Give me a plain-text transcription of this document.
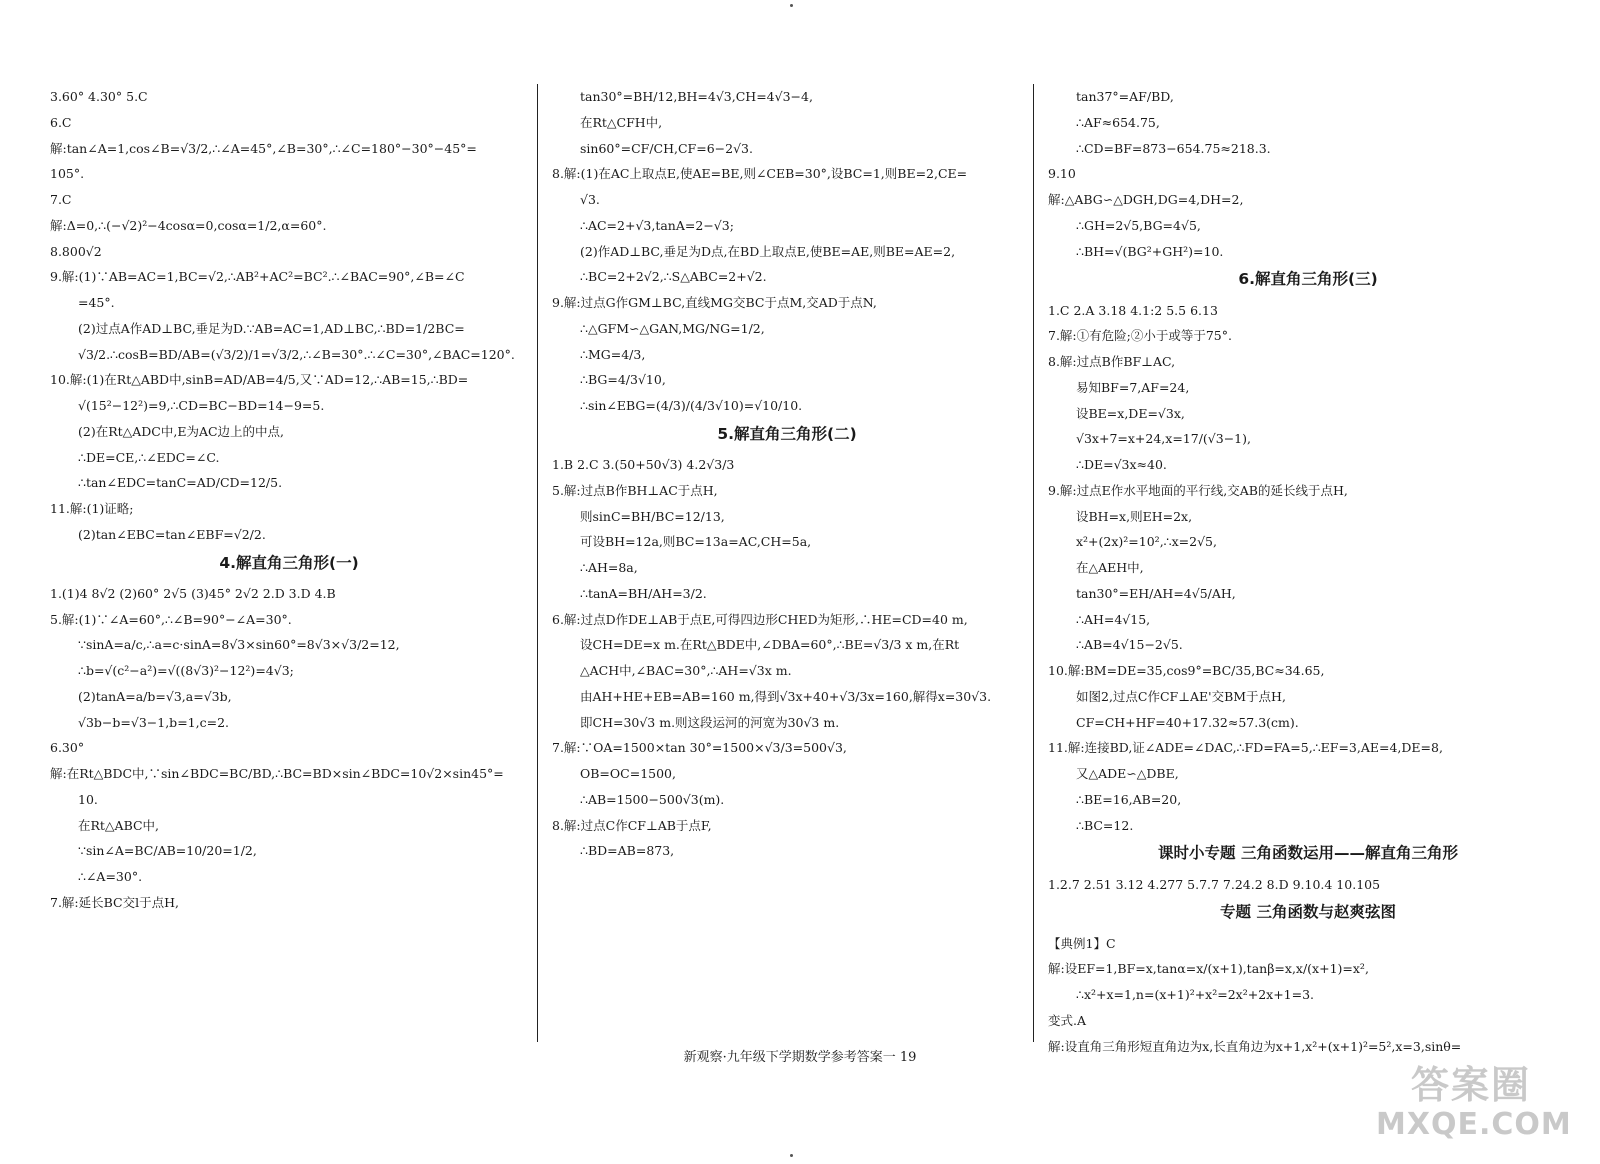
3.60° 4.30° 5.C
6.C
解:tan∠A=1,cos∠B=√3/2,∴∠A=45°,∠B=30°,∴∠C=180°−30°−45°=
105°.
7.C
解:Δ=0,∴(−√2)²−4cosα=0,cosα=1/2,α=60°.
8.800√2
9.解:(1)∵AB=AC=1,BC=√2,∴AB²+AC²=BC².∴∠BAC=90°,∠B=∠C
=45°.
(2)过点A作AD⊥BC,垂足为D.∵AB=AC=1,AD⊥BC,∴BD=1/2BC=
√3/2.∴cosB=BD/AB=(√3/2)/1=√3/2,∴∠B=30°.∴∠C=30°,∠BAC=120°.
10.解:(1)在Rt△ABD中,sinB=AD/AB=4/5,又∵AD=12,∴AB=15,∴BD=
√(15²−12²)=9,∴CD=BC−BD=14−9=5.
(2)在Rt△ADC中,E为AC边上的中点,
∴DE=CE,∴∠EDC=∠C.
∴tan∠EDC=tanC=AD/CD=12/5.
11.解:(1)证略;
(2)tan∠EBC=tan∠EBF=√2/2.
4.解直角三角形(一)
1.(1)4 8√2 (2)60° 2√5 (3)45° 2√2 2.D 3.D 4.B
5.解:(1)∵∠A=60°,∴∠B=90°−∠A=30°.
∵sinA=a/c,∴a=c·sinA=8√3×sin60°=8√3×√3/2=12,
∴b=√(c²−a²)=√((8√3)²−12²)=4√3;
(2)tanA=a/b=√3,a=√3b,
√3b−b=√3−1,b=1,c=2.
6.30°
解:在Rt△BDC中,∵sin∠BDC=BC/BD,∴BC=BD×sin∠BDC=10√2×sin45°=
10.
在Rt△ABC中,
∵sin∠A=BC/AB=10/20=1/2,
∴∠A=30°.
7.解:延长BC交l于点H,
tan30°=BH/12,BH=4√3,CH=4√3−4,
在Rt△CFH中,
sin60°=CF/CH,CF=6−2√3.
8.解:(1)在AC上取点E,使AE=BE,则∠CEB=30°,设BC=1,则BE=2,CE=
√3.
∴AC=2+√3,tanA=2−√3;
(2)作AD⊥BC,垂足为D点,在BD上取点E,使BE=AE,则BE=AE=2,
∴BC=2+2√2,∴S△ABC=2+√2.
9.解:过点G作GM⊥BC,直线MG交BC于点M,交AD于点N,
∴△GFM∽△GAN,MG/NG=1/2,
∴MG=4/3,
∴BG=4/3√10,
∴sin∠EBG=(4/3)/(4/3√10)=√10/10.
5.解直角三角形(二)
1.B 2.C 3.(50+50√3) 4.2√3/3
5.解:过点B作BH⊥AC于点H,
则sinC=BH/BC=12/13,
可设BH=12a,则BC=13a=AC,CH=5a,
∴AH=8a,
∴tanA=BH/AH=3/2.
6.解:过点D作DE⊥AB于点E,可得四边形CHED为矩形,∴HE=CD=40 m,
设CH=DE=x m.在Rt△BDE中,∠DBA=60°,∴BE=√3/3 x m,在Rt
△ACH中,∠BAC=30°,∴AH=√3x m.
由AH+HE+EB=AB=160 m,得到√3x+40+√3/3x=160,解得x=30√3.
即CH=30√3 m.则这段运河的河宽为30√3 m.
7.解:∵OA=1500×tan 30°=1500×√3/3=500√3,
OB=OC=1500,
∴AB=1500−500√3(m).
8.解:过点C作CF⊥AB于点F,
∴BD=AB=873,
tan37°=AF/BD,
∴AF≈654.75,
∴CD=BF=873−654.75≈218.3.
9.10
解:△ABG∽△DGH,DG=4,DH=2,
∴GH=2√5,BG=4√5,
∴BH=√(BG²+GH²)=10.
6.解直角三角形(三)
1.C 2.A 3.18 4.1:2 5.5 6.13
7.解:①有危险;②小于或等于75°.
8.解:过点B作BF⊥AC,
易知BF=7,AF=24,
设BE=x,DE=√3x,
√3x+7=x+24,x=17/(√3−1),
∴DE=√3x≈40.
9.解:过点E作水平地面的平行线,交AB的延长线于点H,
设BH=x,则EH=2x,
x²+(2x)²=10²,∴x=2√5,
在△AEH中,
tan30°=EH/AH=4√5/AH,
∴AH=4√15,
∴AB=4√15−2√5.
10.解:BM=DE=35,cos9°=BC/35,BC≈34.65,
如图2,过点C作CF⊥AE'交BM于点H,
CF=CH+HF=40+17.32≈57.3(cm).
11.解:连接BD,证∠ADE=∠DAC,∴FD=FA=5,∴EF=3,AE=4,DE=8,
又△ADE∽△DBE,
∴BE=16,AB=20,
∴BC=12.
课时小专题 三角函数运用——解直角三角形
1.2.7 2.51 3.12 4.277 5.7.7 7.24.2 8.D 9.10.4 10.105
专题 三角函数与赵爽弦图
【典例1】C
解:设EF=1,BF=x,tanα=x/(x+1),tanβ=x,x/(x+1)=x²,
∴x²+x=1,n=(x+1)²+x²=2x²+2x+1=3.
变式.A
解:设直角三角形短直角边为x,长直角边为x+1,x²+(x+1)²=5²,x=3,sinθ=
新观察·九年级下学期数学参考答案一 19
答案圈
MXQE.COM
